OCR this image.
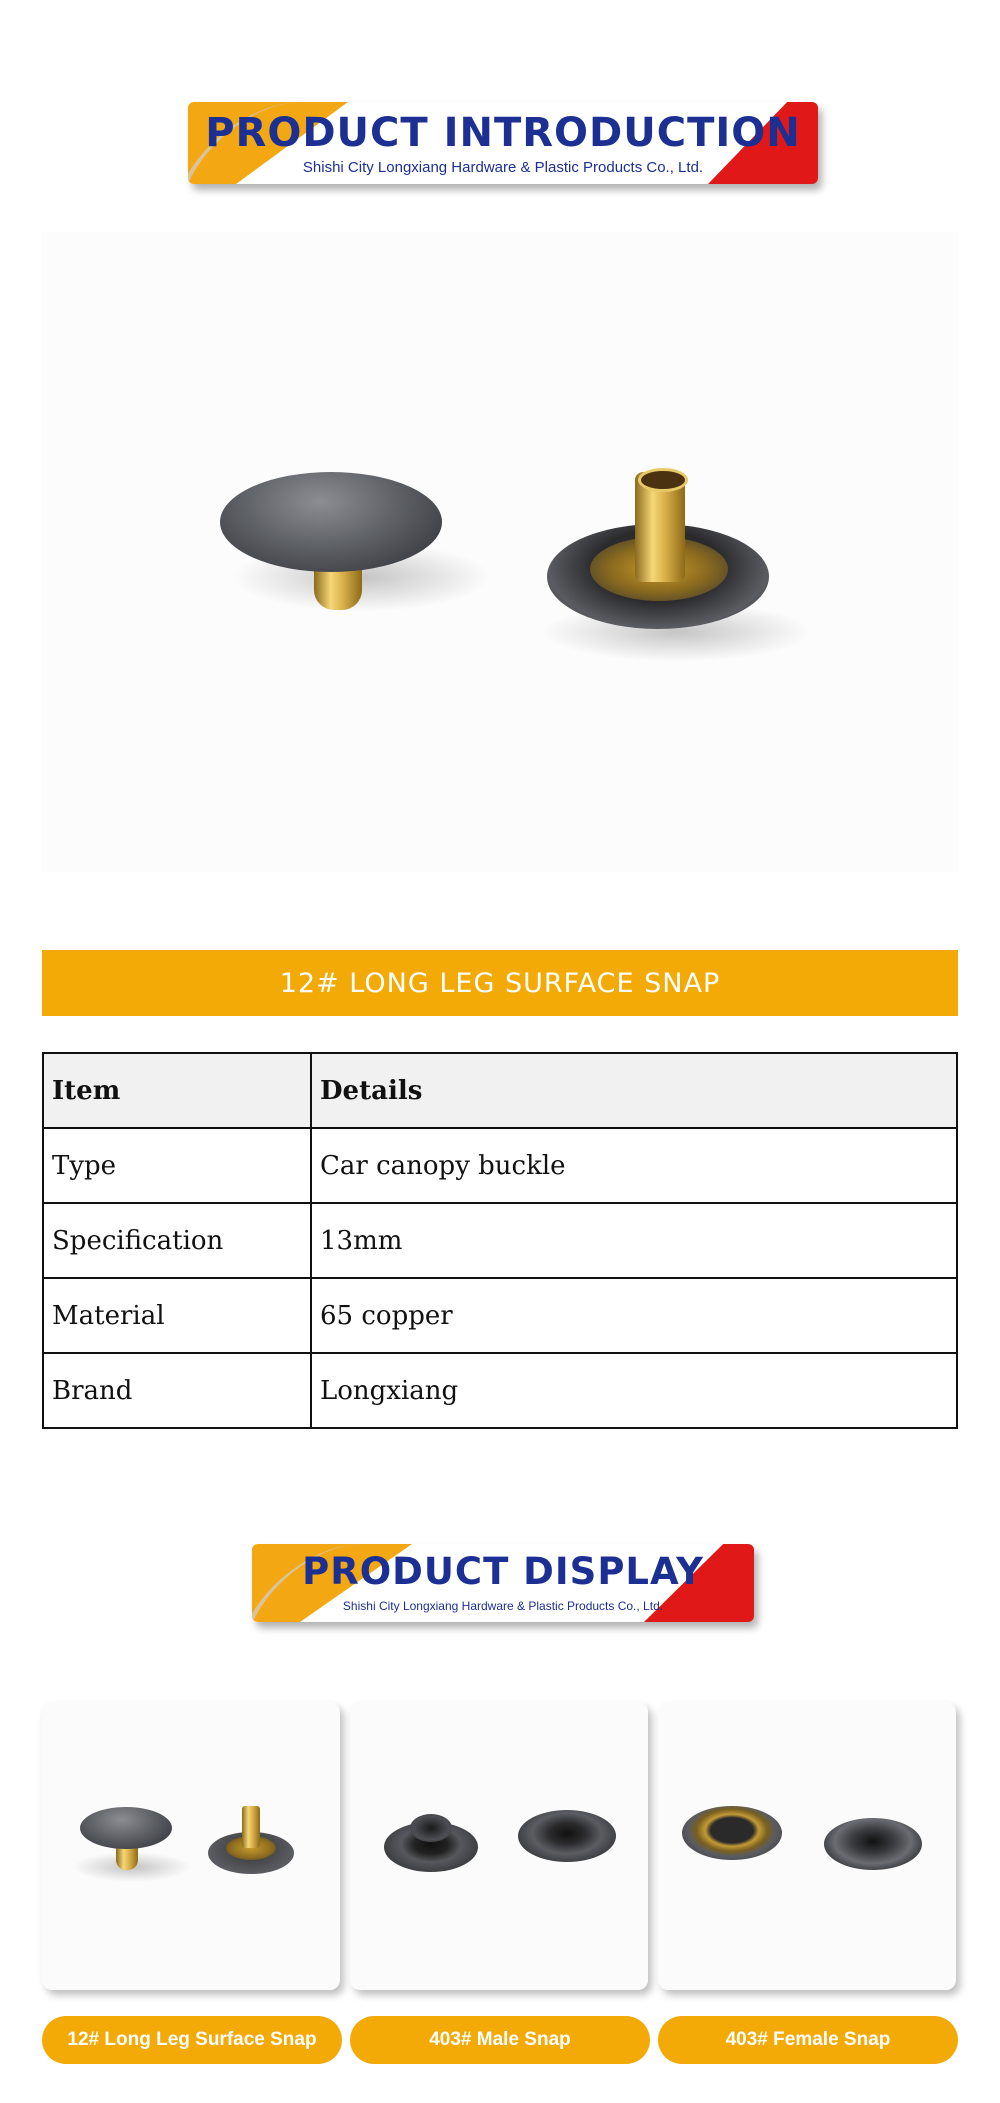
PRODUCT INTRODUCTION
Shishi City Longxiang Hardware & Plastic Products Co., Ltd.
12# LONG LEG SURFACE SNAP
Item	Details
Type	Car canopy buckle
Specification	13mm
Material	65 copper
Brand	Longxiang
PRODUCT DISPLAY
Shishi City Longxiang Hardware & Plastic Products Co., Ltd.
12# Long Leg Surface Snap	403# Male Snap	403# Female Snap
